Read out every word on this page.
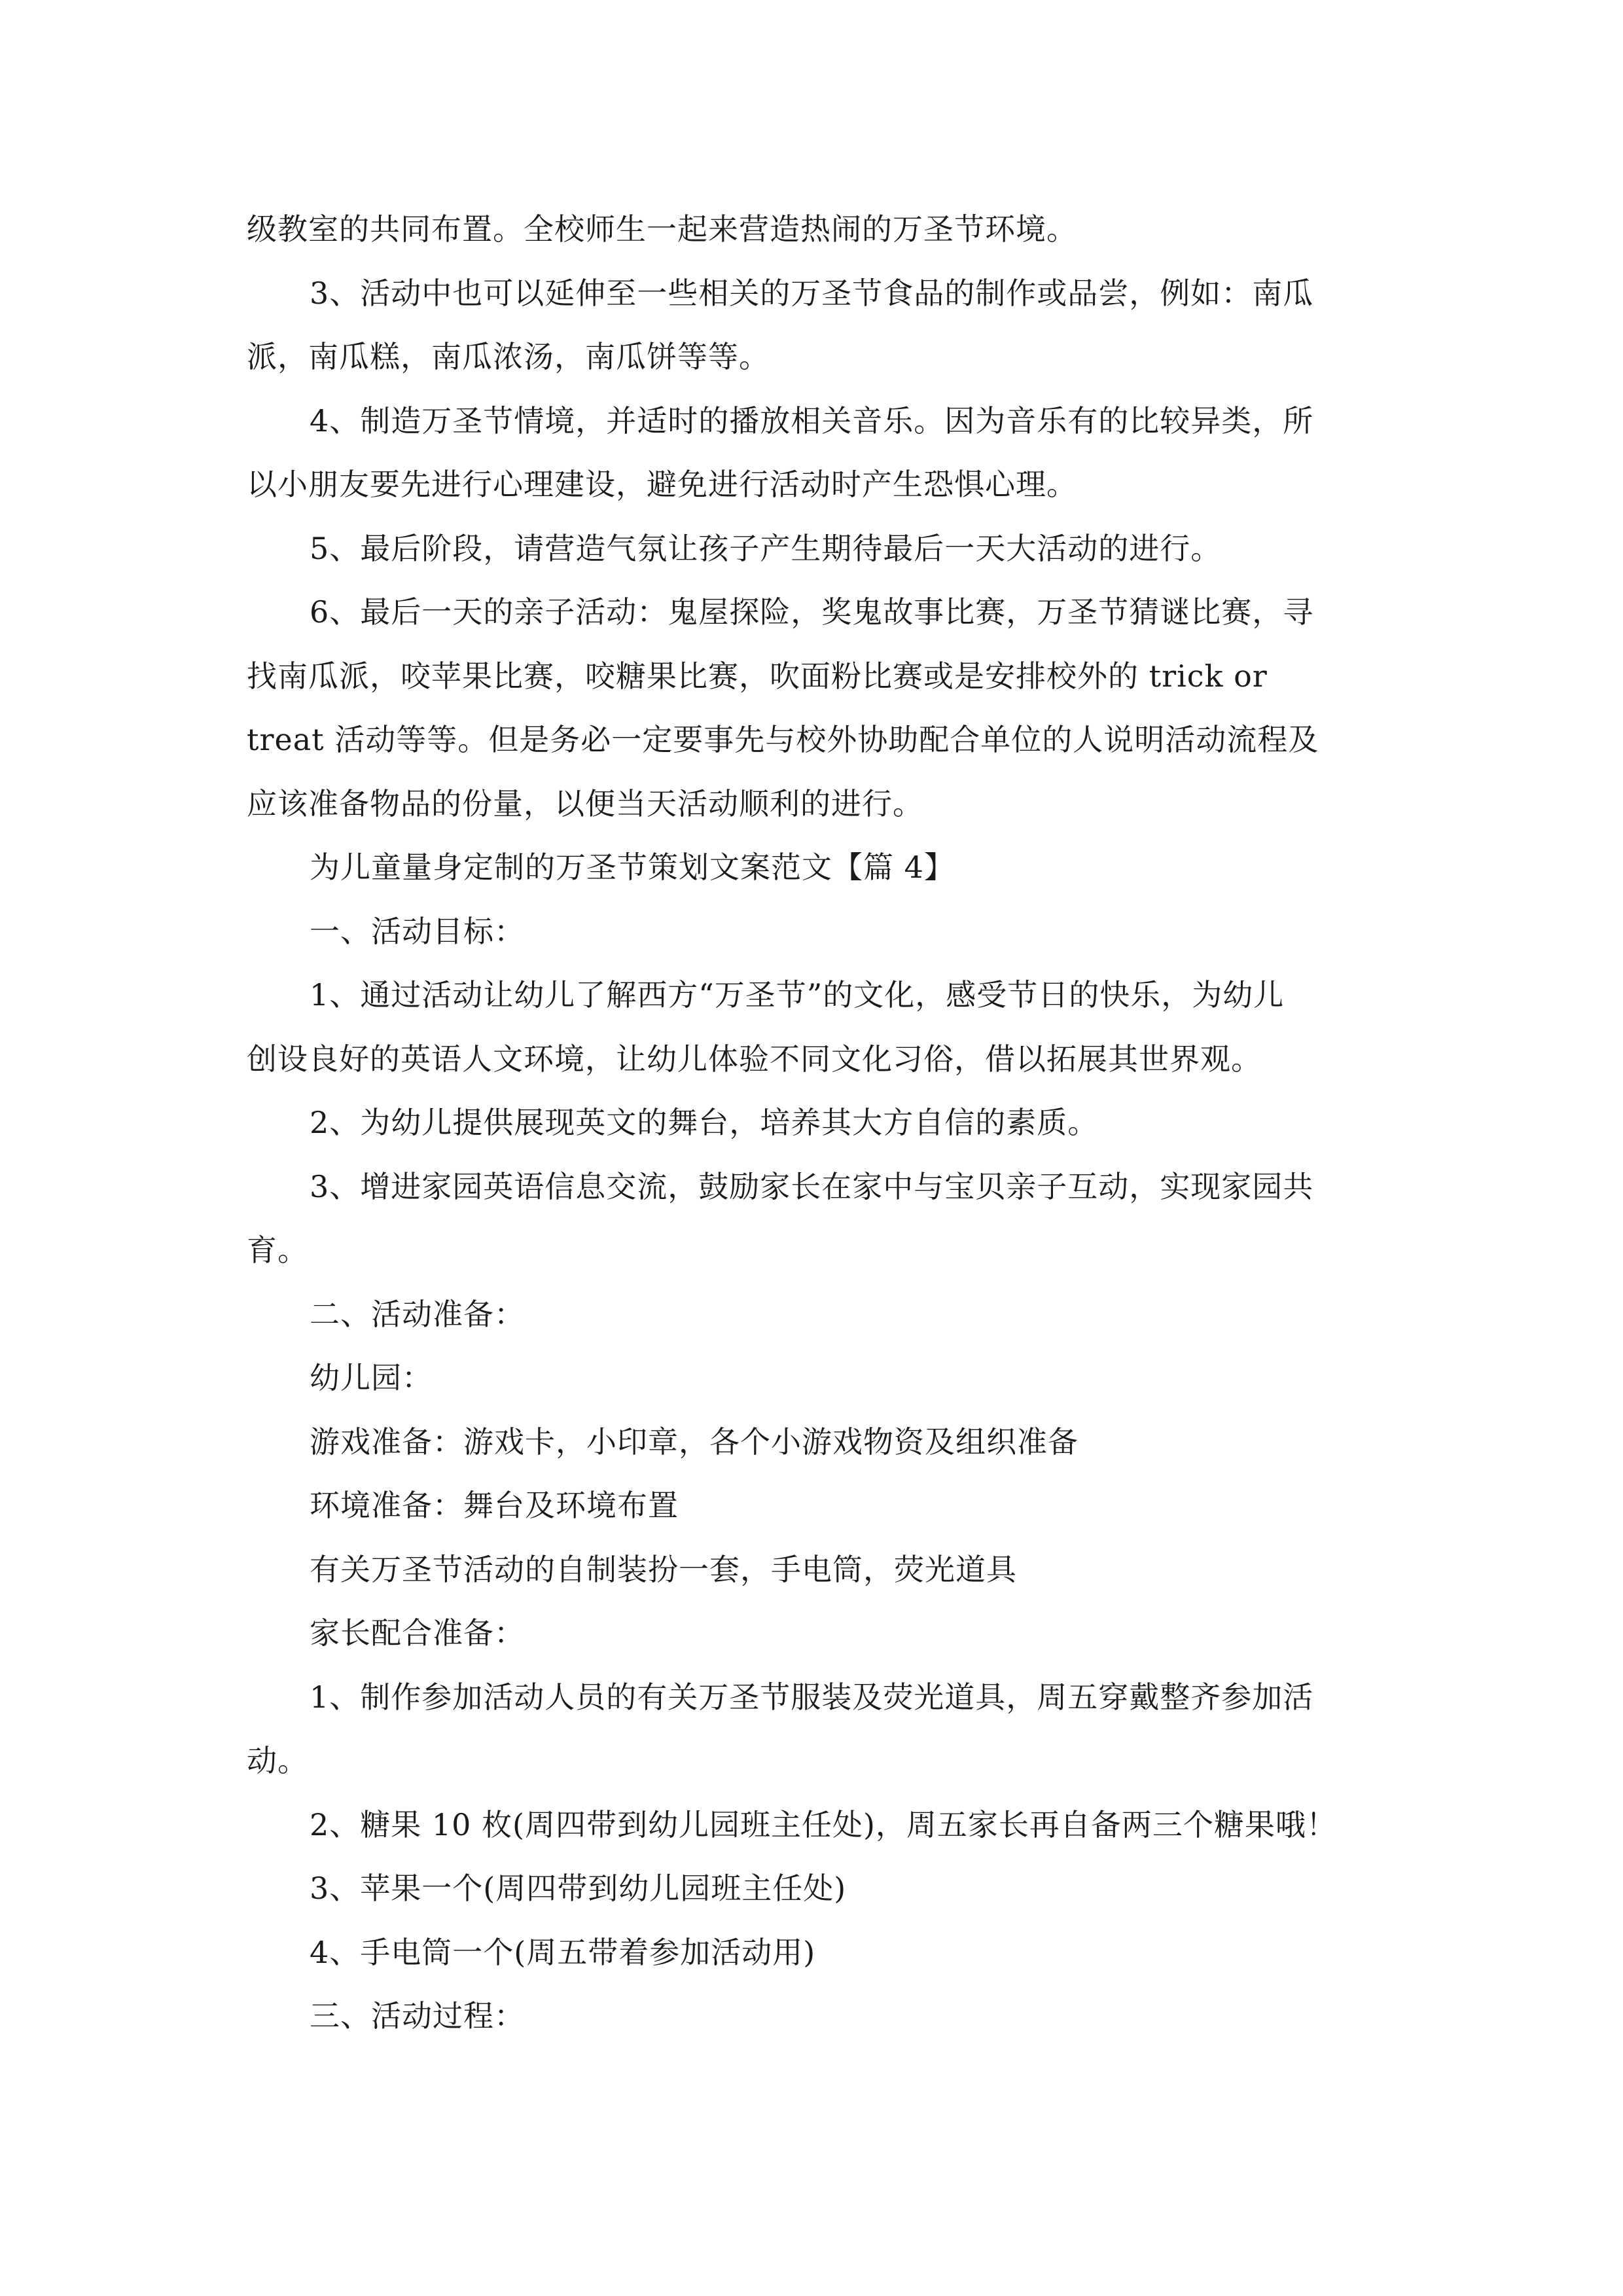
级教室的共同布置。全校师生一起来营造热闹的万圣节环境。
3、活动中也可以延伸至一些相关的万圣节食品的制作或品尝，例如：南瓜
派，南瓜糕，南瓜浓汤，南瓜饼等等。
4、制造万圣节情境，并适时的播放相关音乐。因为音乐有的比较异类，所
以小朋友要先进行心理建设，避免进行活动时产生恐惧心理。
5、最后阶段，请营造气氛让孩子产生期待最后一天大活动的进行。
6、最后一天的亲子活动：鬼屋探险，奖鬼故事比赛，万圣节猜谜比赛，寻
找南瓜派，咬苹果比赛，咬糖果比赛，吹面粉比赛或是安排校外的 trick or
treat 活动等等。但是务必一定要事先与校外协助配合单位的人说明活动流程及
应该准备物品的份量，以便当天活动顺利的进行。
为儿童量身定制的万圣节策划文案范文【篇 4】
一、活动目标：
1、通过活动让幼儿了解西方“万圣节”的文化，感受节日的快乐，为幼儿
创设良好的英语人文环境，让幼儿体验不同文化习俗，借以拓展其世界观。
2、为幼儿提供展现英文的舞台，培养其大方自信的素质。
3、增进家园英语信息交流，鼓励家长在家中与宝贝亲子互动，实现家园共
育。
二、活动准备：
幼儿园：
游戏准备：游戏卡，小印章，各个小游戏物资及组织准备
环境准备：舞台及环境布置
有关万圣节活动的自制装扮一套，手电筒，荧光道具
家长配合准备：
1、制作参加活动人员的有关万圣节服装及荧光道具，周五穿戴整齐参加活
动。
2、糖果 10 枚(周四带到幼儿园班主任处)，周五家长再自备两三个糖果哦！
3、苹果一个(周四带到幼儿园班主任处)
4、手电筒一个(周五带着参加活动用)
三、活动过程：
